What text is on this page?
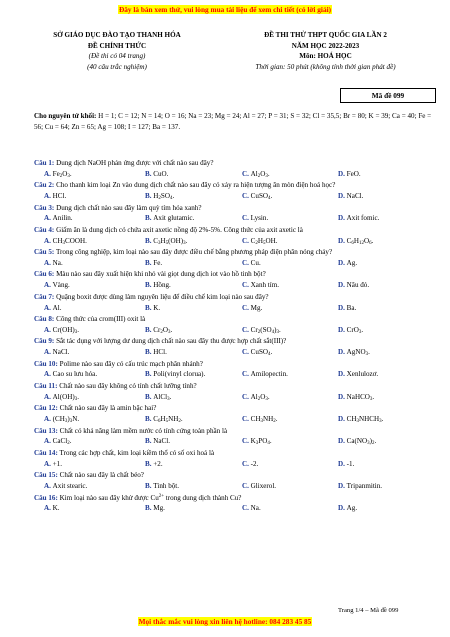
Đây là bản xem thử, vui lòng mua tài liệu để xem chi tiết (có lời giải)
SỞ GIÁO DỤC ĐÀO TẠO THANH HÓA
ĐỀ CHÍNH THỨC
(Đề thi có 04 trang)
(40 câu trắc nghiệm)
ĐỀ THI THỬ THPT QUỐC GIA LẦN 2
NĂM HỌC 2022-2023
Môn: HOÁ HỌC
Thời gian: 50 phút (không tính thời gian phát đề)
Mã đề 099
Cho nguyên tử khối: H = 1; C = 12; N = 14; O = 16; Na = 23; Mg = 24; Al = 27; P = 31; S = 32; Cl = 35,5; Br = 80; K = 39; Ca = 40; Fe = 56; Cu = 64; Zn = 65; Ag = 108; I = 127; Ba = 137.
Câu 1: Dung dịch NaOH phản ứng được với chất nào sau đây?
A. $Fe_2O_3$.	B. CuO.	C. $Al_2O_3$.	D. FeO.
Câu 2: Cho thanh kim loại Zn vào dung dịch chất nào sau đây có xảy ra hiện tượng ăn mòn điện hoá học?
A. HCl.	B. $H_2SO_4$.	C. CuSO$_4$.	D. NaCl.
Câu 3: Dung dịch chất nào sau đây làm quỳ tím hóa xanh?
A. Anilin.	B. Axit glutamic.	C. Lysin.	D. Axit fomic.
Câu 4: Giấm ăn là dung dịch có chứa axit axetic nồng độ 2%-5%. Công thức của axit axetic là
A. $CH_3COOH$.	B. $C_3H_5(OH)_3$.	C. $C_2H_5OH$.	D. $C_6H_{12}O_6$.
Câu 5: Trong công nghiệp, kim loại nào sau đây được điều chế bằng phương pháp điện phân nóng chảy?
A. Na.	B. Fe.	C. Cu.	D. Ag.
Câu 6: Màu nào sau đây xuất hiện khi nhỏ vài giọt dung dịch iot vào hồ tinh bột?
A. Vàng.	B. Hồng.	C. Xanh tím.	D. Nâu đỏ.
Câu 7: Quặng boxit được dùng làm nguyên liệu để điều chế kim loại nào sau đây?
A. Al.	B. K.	C. Mg.	D. Ba.
Câu 8: Công thức của crom(III) oxit là
A. $Cr(OH)_3$.	B. $Cr_2O_3$.	C. $Cr_2(SO_4)_3$.	D. CrO$_3$.
Câu 9: Sắt tác dụng với lượng dư dung dịch chất nào sau đây thu được hợp chất sắt(III)?
A. NaCl.	B. HCl.	C. CuSO$_4$.	D. AgNO$_3$.
Câu 10: Polime nào sau đây có cấu trúc mạch phân nhánh?
A. Cao su lưu hóa.	B. Poli(vinyl clorua).	C. Amilopectin.	D. Xenlulozơ.
Câu 11: Chất nào sau đây không có tính chất lưỡng tính?
A. $Al(OH)_3$.	B. AlCl$_3$.	C. $Al_2O_3$.	D. NaHCO$_3$.
Câu 12: Chất nào sau đây là amin bậc hai?
A. $(CH_3)_3N$.	B. $C_6H_5NH_2$.	C. $CH_3NH_2$.	D. $CH_3NHCH_3$.
Câu 13: Chất có khả năng làm mềm nước có tính cứng toàn phần là
A. CaCl$_2$.	B. NaCl.	C. $K_3PO_4$.	D. $Ca(NO_3)_2$.
Câu 14: Trong các hợp chất, kim loại kiềm thổ có số oxi hoá là
A. +1.	B. +2.	C. -2.	D. -1.
Câu 15: Chất nào sau đây là chất béo?
A. Axit stearic.	B. Tinh bột.	C. Glixerol.	D. Tripanmitin.
Câu 16: Kim loại nào sau đây khử được $Cu^{2+}$ trong dung dịch thành Cu?
A. K.	B. Mg.	C. Na.	D. Ag.
Trang 1/4 – Mã đề 099
Mọi thắc mắc vui lòng xin liên hệ hotline: 084 283 45 85
